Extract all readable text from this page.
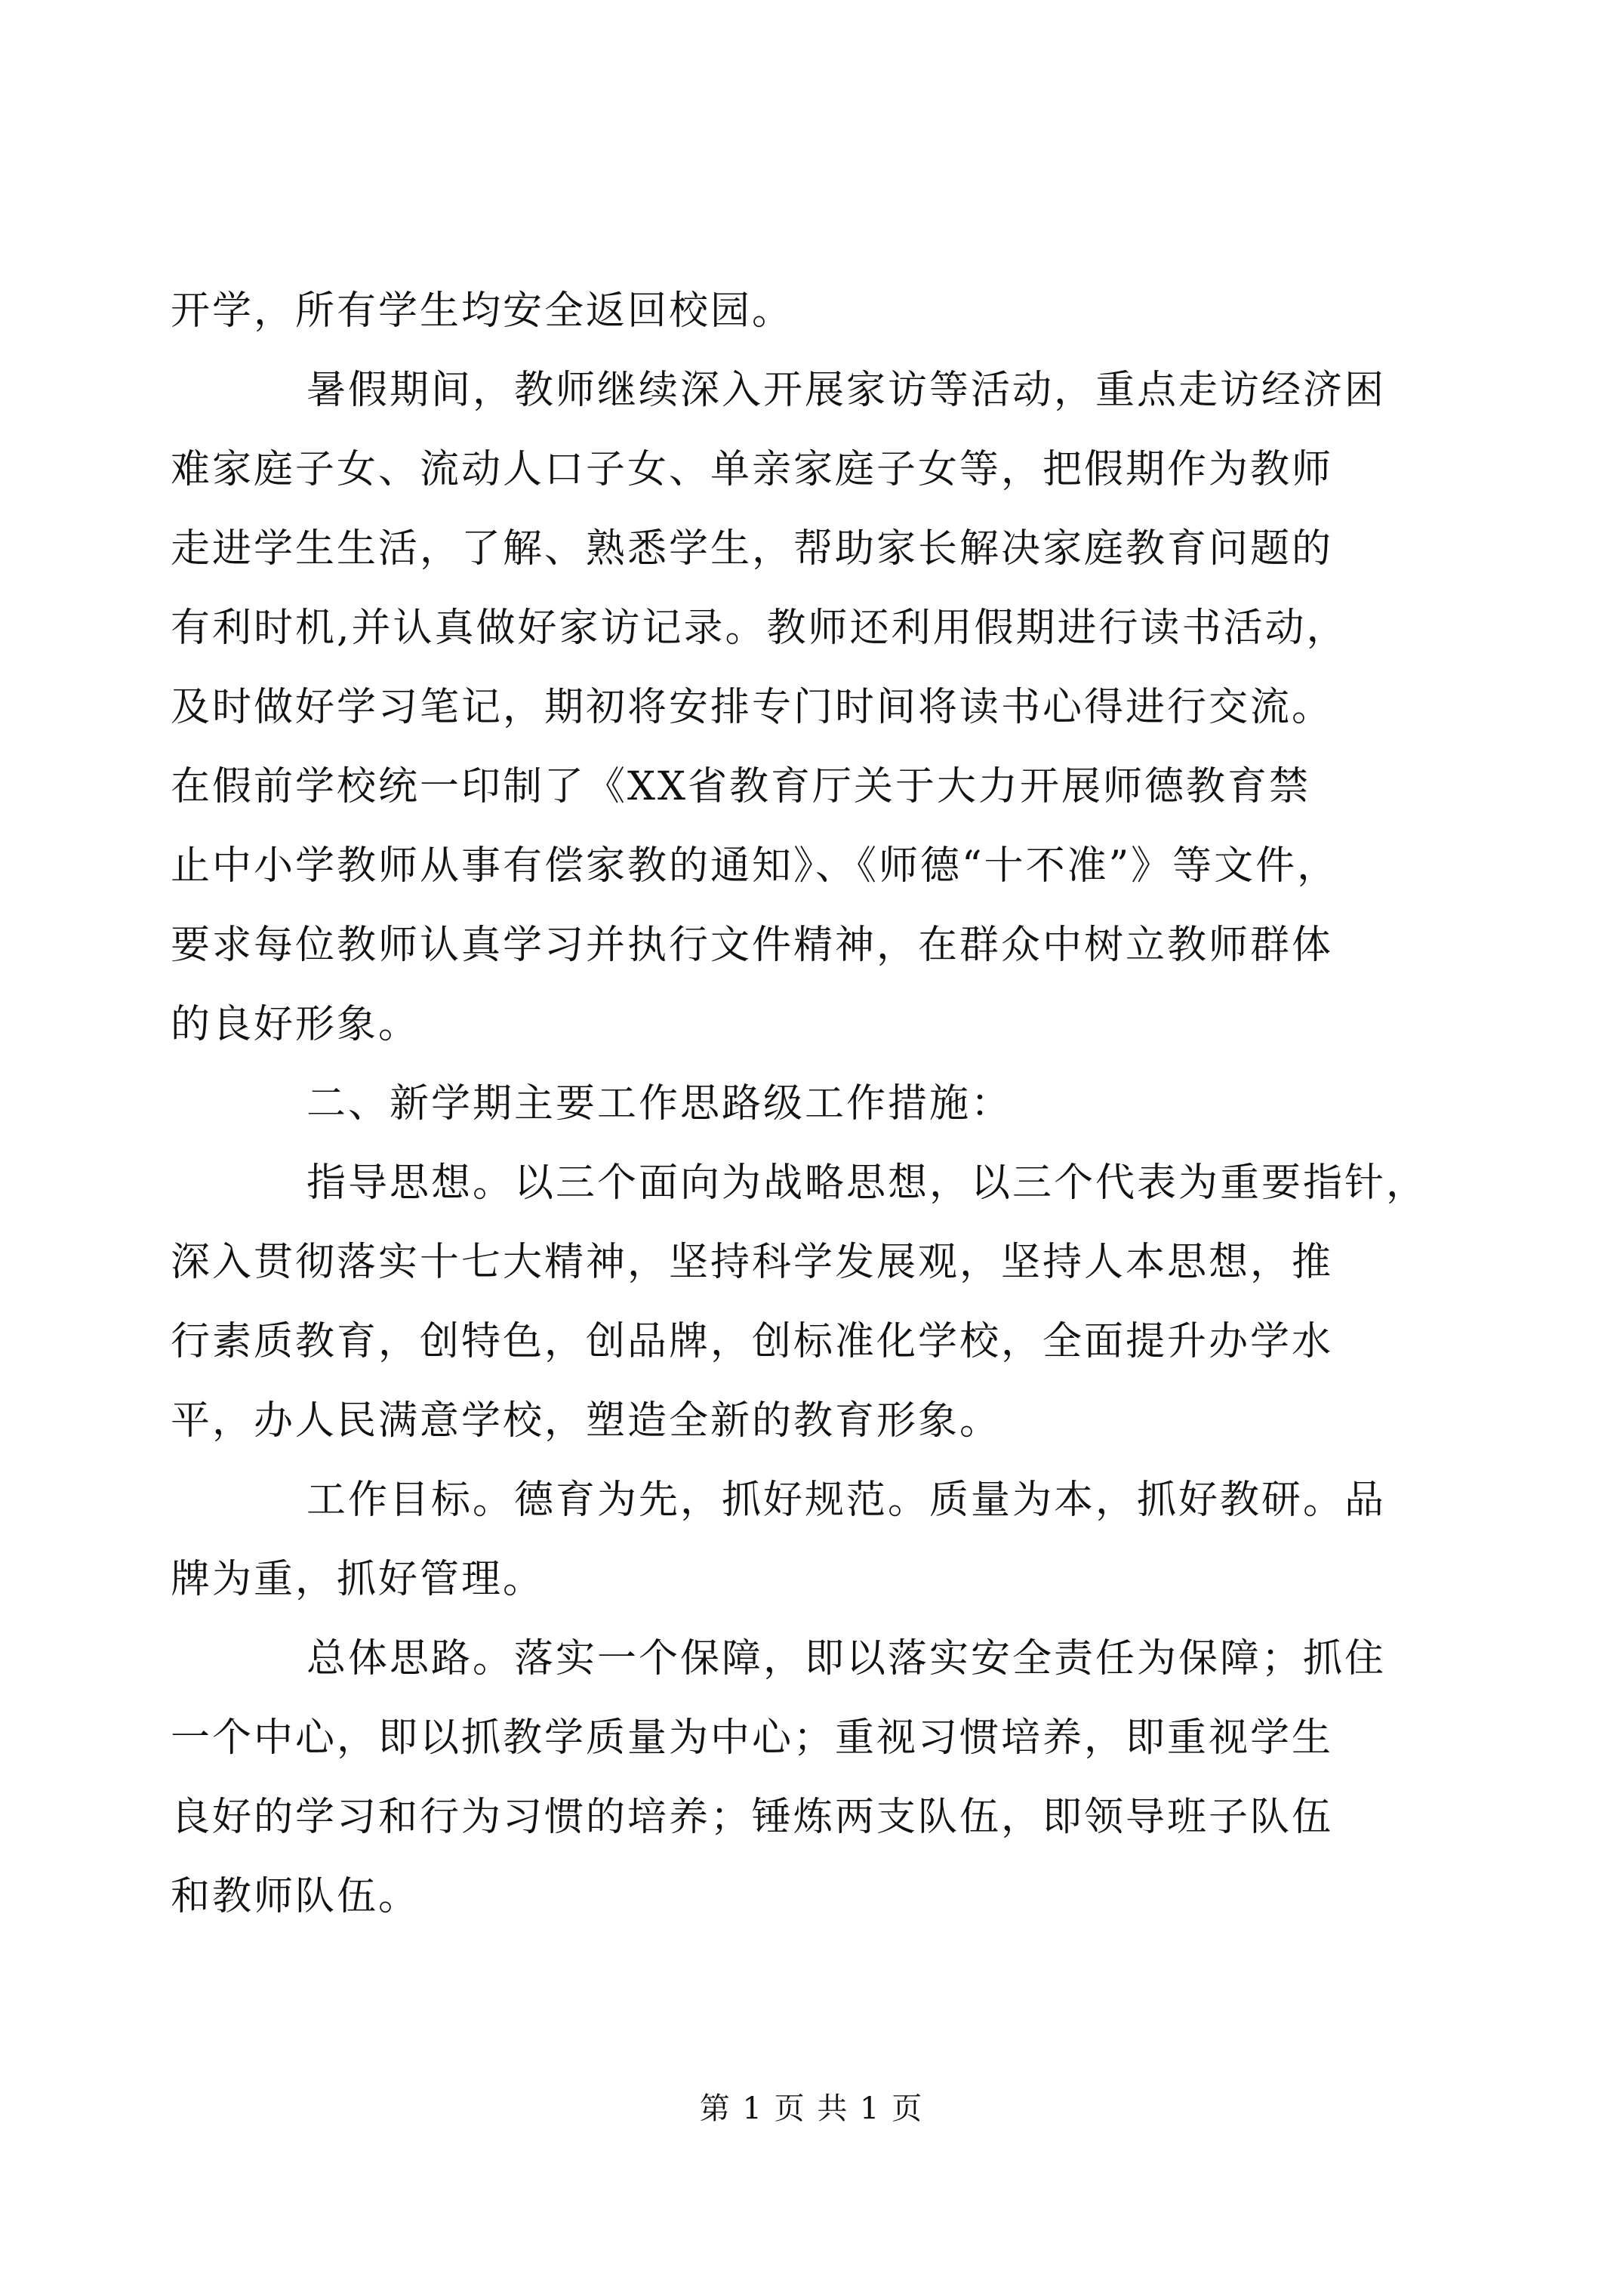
开学，所有学生均安全返回校园。
暑假期间，教师继续深入开展家访等活动，重点走访经济困
难家庭子女、流动人口子女、单亲家庭子女等，把假期作为教师
走进学生生活，了解、熟悉学生，帮助家长解决家庭教育问题的
有利时机,并认真做好家访记录。教师还利用假期进行读书活动，
及时做好学习笔记，期初将安排专门时间将读书心得进行交流。
在假前学校统一印制了《XX省教育厅关于大力开展师德教育禁
止中小学教师从事有偿家教的通知》、《师德“十不准”》等文件，
要求每位教师认真学习并执行文件精神，在群众中树立教师群体
的良好形象。
二、新学期主要工作思路级工作措施：
指导思想。以三个面向为战略思想，以三个代表为重要指针，
深入贯彻落实十七大精神，坚持科学发展观，坚持人本思想，推
行素质教育，创特色，创品牌，创标准化学校，全面提升办学水
平，办人民满意学校，塑造全新的教育形象。
工作目标。德育为先，抓好规范。质量为本，抓好教研。品
牌为重，抓好管理。
总体思路。落实一个保障，即以落实安全责任为保障；抓住
一个中心，即以抓教学质量为中心；重视习惯培养，即重视学生
良好的学习和行为习惯的培养；锤炼两支队伍，即领导班子队伍
和教师队伍。
第 1 页 共 1 页
